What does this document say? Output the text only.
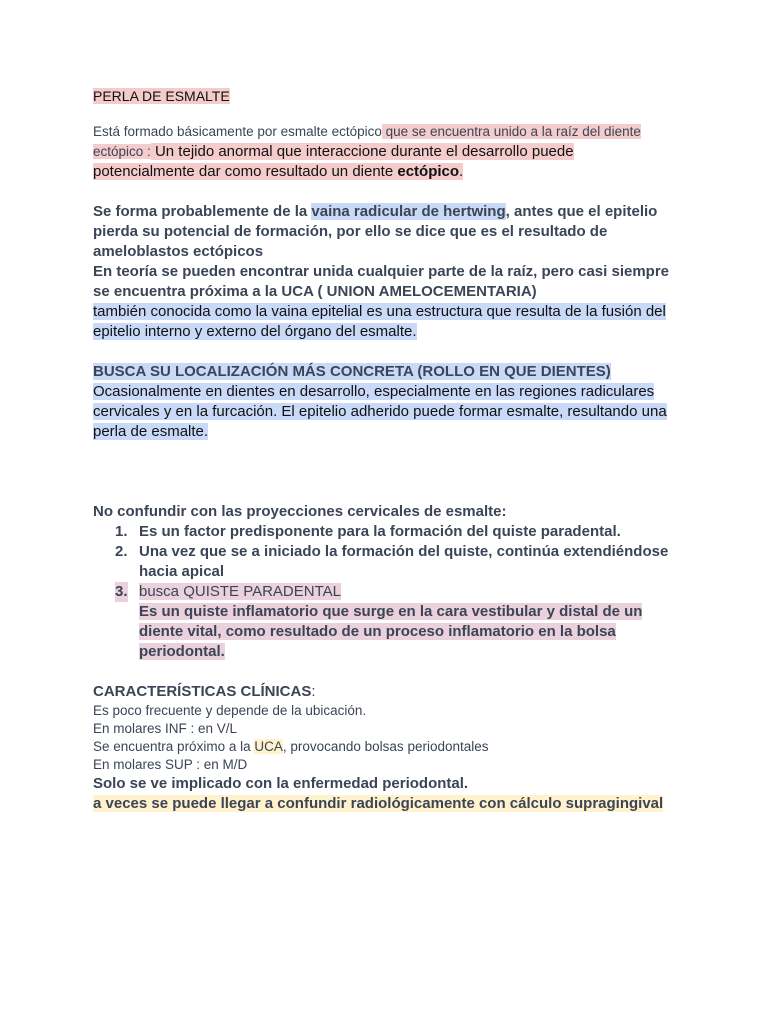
PERLA DE ESMALTE

Está formado básicamente por esmalte ectópico que se encuentra unido a la raíz del diente ectópico : Un tejido anormal que interaccione durante el desarrollo puede potencialmente dar como resultado un diente ectópico.

Se forma probablemente de la vaina radicular de hertwing, antes que el epitelio pierda su potencial de formación, por ello se dice que es el resultado de ameloblastos ectópicos

En teoría se pueden encontrar unida cualquier parte de la raíz, pero casi siempre se encuentra próxima a la UCA ( UNION AMELOCEMENTARIA)

también conocida como la vaina epitelial es una estructura que resulta de la fusión del epitelio interno y externo del órgano del esmalte.

BUSCA SU LOCALIZACIÓN MÁS CONCRETA (ROLLO EN QUE DIENTES)

Ocasionalmente en dientes en desarrollo, especialmente en las regiones radiculares cervicales y en la furcación. El epitelio adherido puede formar esmalte, resultando una perla de esmalte.

No confundir con las proyecciones cervicales de esmalte:

1. Es un factor predisponente para la formación del quiste paradental.
2. Una vez que se a iniciado la formación del quiste, continúa extendiéndose hacia apical
3. busca QUISTE PARADENTAL
Es un quiste inflamatorio que surge en la cara vestibular y distal de un diente vital, como resultado de un proceso inflamatorio en la bolsa periodontal.

CARACTERÍSTICAS CLÍNICAS:

Es poco frecuente y depende de la ubicación.

En molares INF : en V/L

Se encuentra próximo a la UCA, provocando bolsas periodontales

En molares SUP : en M/D

Solo se ve implicado con la enfermedad periodontal.

a veces se puede llegar a confundir radiológicamente con cálculo supragingival
